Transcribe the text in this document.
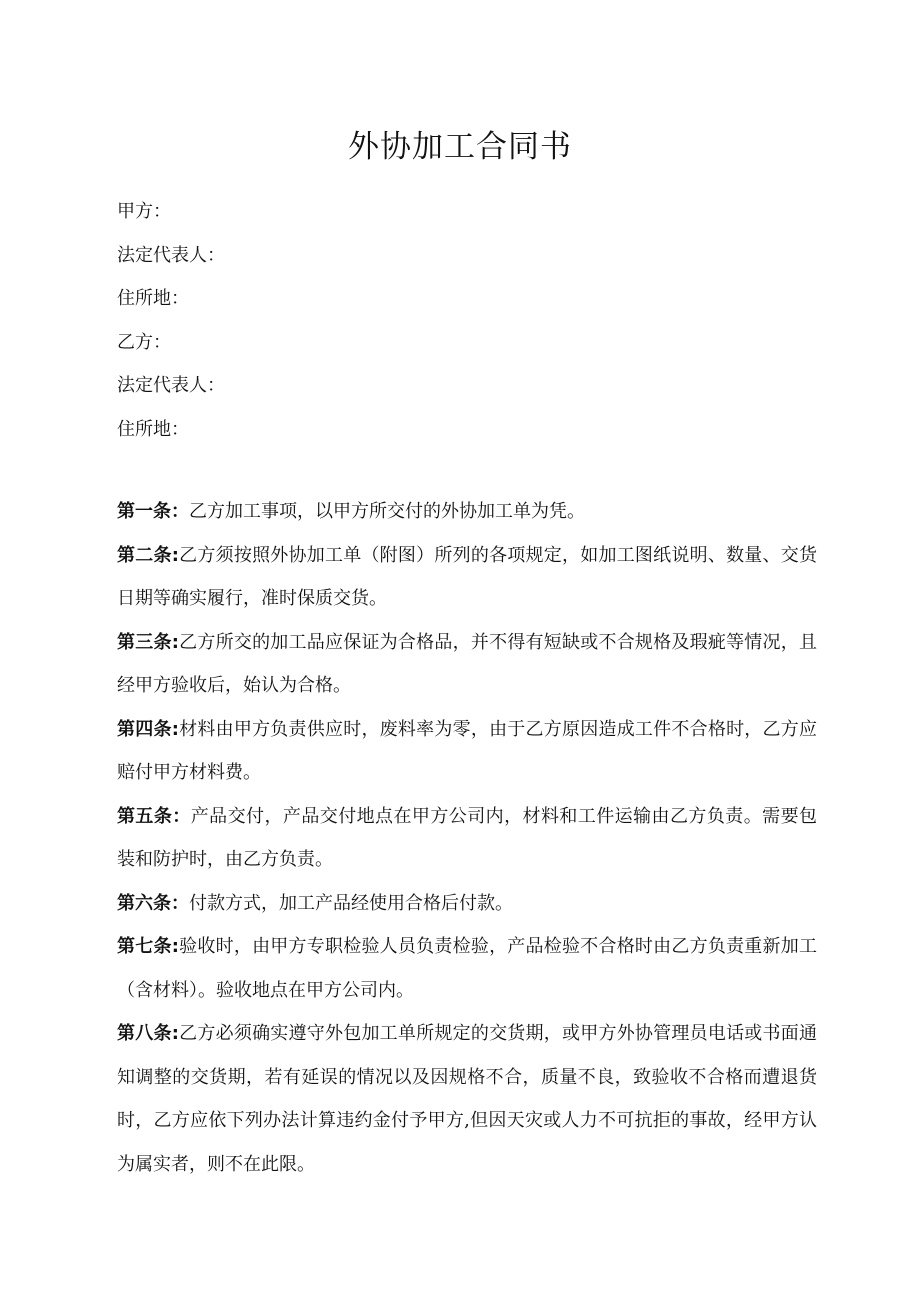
外协加工合同书
甲方：
法定代表人：
住所地：
乙方：
法定代表人：
住所地：
第一条：乙方加工事项，以甲方所交付的外协加工单为凭。
第二条:乙方须按照外协加工单（附图）所列的各项规定，如加工图纸说明、数量、交货日期等确实履行，准时保质交货。
第三条:乙方所交的加工品应保证为合格品，并不得有短缺或不合规格及瑕疵等情况，且经甲方验收后，始认为合格。
第四条:材料由甲方负责供应时，废料率为零，由于乙方原因造成工件不合格时，乙方应赔付甲方材料费。
第五条：产品交付，产品交付地点在甲方公司内，材料和工件运输由乙方负责。需要包装和防护时，由乙方负责。
第六条：付款方式，加工产品经使用合格后付款。
第七条:验收时，由甲方专职检验人员负责检验，产品检验不合格时由乙方负责重新加工（含材料）。验收地点在甲方公司内。
第八条:乙方必须确实遵守外包加工单所规定的交货期，或甲方外协管理员电话或书面通知调整的交货期，若有延误的情况以及因规格不合，质量不良，致验收不合格而遭退货时，乙方应依下列办法计算违约金付予甲方,但因天灾或人力不可抗拒的事故，经甲方认为属实者，则不在此限。
